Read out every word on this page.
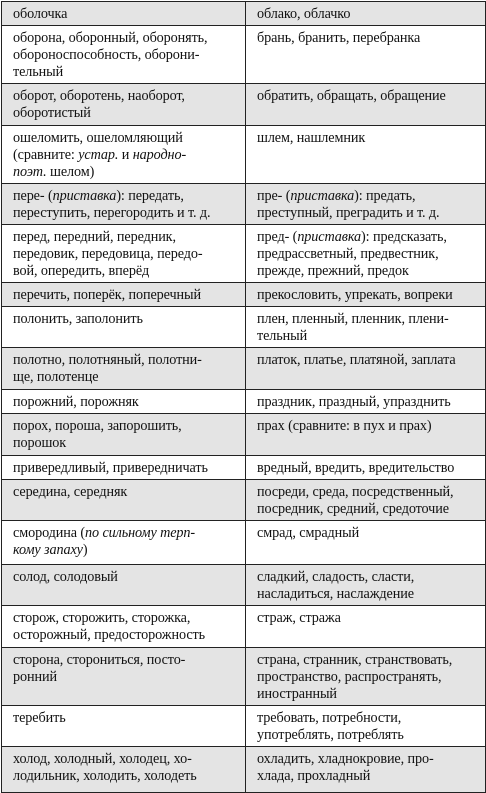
оболочка	облако, облачко

оборона, оборонный, оборонять,
обороноспособность, оборони-
тельный	брань, бранить, перебранка

оборот, оборотень, наоборот,
оборотистый	обратить, обращать, обращение

ошеломить, ошеломляющий
(сравните: устар. и народно-
поэт. шелом)	шлем, нашлемник

пере- (приставка): передать,
переступить, перегородить и т. д.	пре- (приставка): предать,
преступный, преградить и т. д.

перед, передний, передник,
передовик, передовица, передо-
вой, опередить, вперёд	пред- (приставка): предсказать,
предрассветный, предвестник,
прежде, прежний, предок

перечить, поперёк, поперечный	прекословить, упрекать, вопреки

полонить, заполонить	плен, пленный, пленник, плени-
тельный

полотно, полотняный, полотни-
ще, полотенце	платок, платье, платяной, заплата

порожний, порожняк	праздник, праздный, упразднить

порох, пороша, запорошить,
порошок	прах (сравните: в пух и прах)

привередливый, привередничать	вредный, вредить, вредительство

середина, середняк	посреди, среда, посредственный,
посредник, средний, средоточие

смородина (по сильному терп-
кому запаху)	смрад, смрадный

солод, солодовый	сладкий, сладость, сласти,
насладиться, наслаждение

сторож, сторожить, сторожка,
осторожный, предосторожность	страж, стража

сторона, сторониться, посто-
ронний	страна, странник, странствовать,
пространство, распространять,
иностранный

теребить	требовать, потребности,
употреблять, потреблять

холод, холодный, холодец, хо-
лодильник, холодить, холодеть	охладить, хладнокровие, про-
хлада, прохладный
